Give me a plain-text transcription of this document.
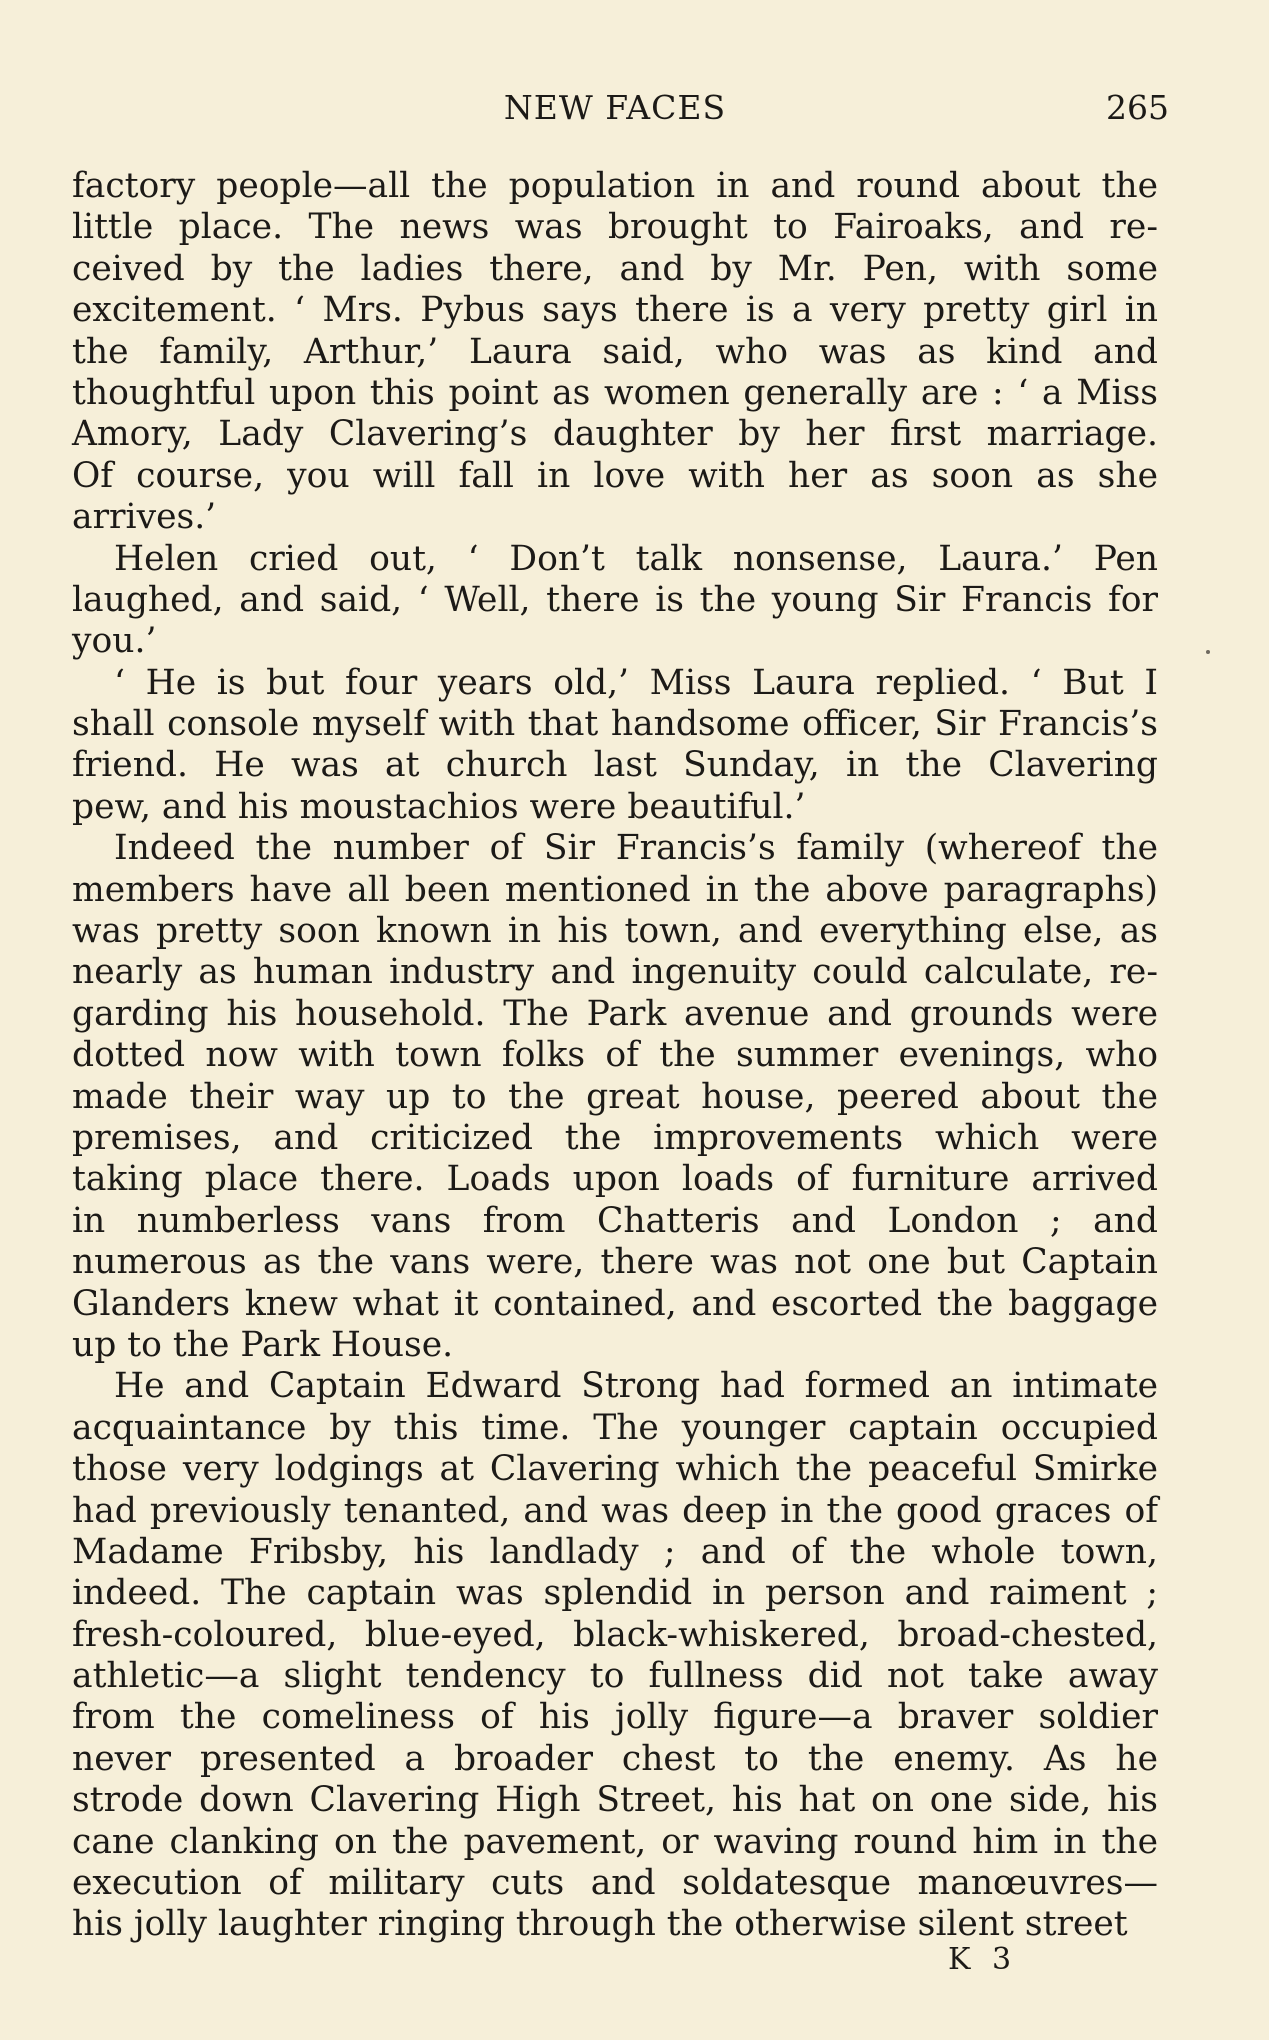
NEW FACES	265
factory people—all the population in and round about the
little place. The news was brought to Fairoaks, and re-
ceived by the ladies there, and by Mr. Pen, with some
excitement. ‘ Mrs. Pybus says there is a very pretty girl in
the family, Arthur,’ Laura said, who was as kind and
thoughtful upon this point as women generally are : ‘ a Miss
Amory, Lady Clavering’s daughter by her first marriage.
Of course, you will fall in love with her as soon as she
arrives.’
Helen cried out, ‘ Don’t talk nonsense, Laura.’ Pen
laughed, and said, ‘ Well, there is the young Sir Francis for
you.’
‘ He is but four years old,’ Miss Laura replied. ‘ But I
shall console myself with that handsome officer, Sir Francis’s
friend. He was at church last Sunday, in the Clavering
pew, and his moustachios were beautiful.’
Indeed the number of Sir Francis’s family (whereof the
members have all been mentioned in the above paragraphs)
was pretty soon known in his town, and everything else, as
nearly as human industry and ingenuity could calculate, re-
garding his household. The Park avenue and grounds were
dotted now with town folks of the summer evenings, who
made their way up to the great house, peered about the
premises, and criticized the improvements which were
taking place there. Loads upon loads of furniture arrived
in numberless vans from Chatteris and London ; and
numerous as the vans were, there was not one but Captain
Glanders knew what it contained, and escorted the baggage
up to the Park House.
He and Captain Edward Strong had formed an intimate
acquaintance by this time. The younger captain occupied
those very lodgings at Clavering which the peaceful Smirke
had previously tenanted, and was deep in the good graces of
Madame Fribsby, his landlady ; and of the whole town,
indeed. The captain was splendid in person and raiment ;
fresh-coloured, blue-eyed, black-whiskered, broad-chested,
athletic—a slight tendency to fullness did not take away
from the comeliness of his jolly figure—a braver soldier
never presented a broader chest to the enemy. As he
strode down Clavering High Street, his hat on one side, his
cane clanking on the pavement, or waving round him in the
execution of military cuts and soldatesque manœuvres—
his jolly laughter ringing through the otherwise silent street
K 3
